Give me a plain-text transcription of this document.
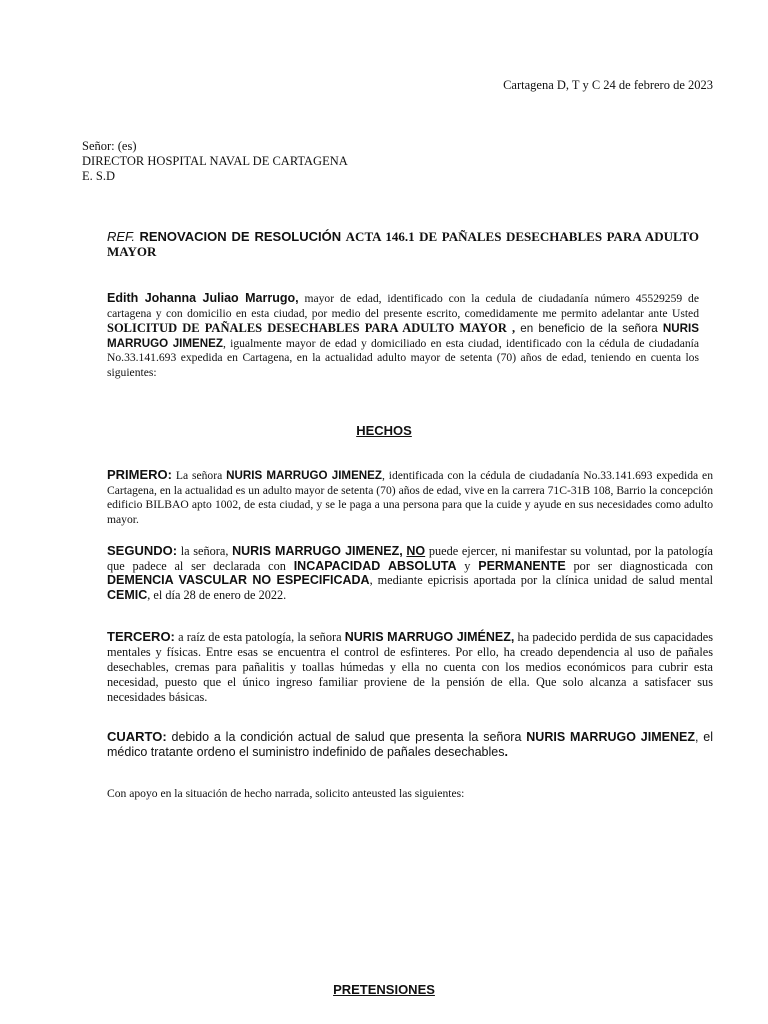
Cartagena D, T y C 24 de febrero de 2023
Señor: (es)
DIRECTOR HOSPITAL NAVAL DE CARTAGENA
E. S.D
REF. RENOVACION DE RESOLUCIÓN ACTA 146.1 DE PAÑALES DESECHABLES PARA ADULTO MAYOR
Edith Johanna Juliao Marrugo, mayor de edad, identificado con la cedula de ciudadanía número 45529259 de cartagena y con domicilio en esta ciudad, por medio del presente escrito, comedidamente me permito adelantar ante Usted SOLICITUD DE PAÑALES DESECHABLES PARA ADULTO MAYOR , en beneficio de la señora NURIS MARRUGO JIMENEZ, igualmente mayor de edad y domiciliado en esta ciudad, identificado con la cédula de ciudadanía No.33.141.693 expedida en Cartagena, en la actualidad adulto mayor de setenta (70) años de edad, teniendo en cuenta los siguientes:
HECHOS
PRIMERO: La señora NURIS MARRUGO JIMENEZ, identificada con la cédula de ciudadanía No.33.141.693 expedida en Cartagena, en la actualidad es un adulto mayor de setenta (70) años de edad, vive en la carrera 71C-31B 108, Barrio la concepción edificio BILBAO apto 1002, de esta ciudad, y se le paga a una persona para que la cuide y ayude en sus necesidades como adulto mayor.
SEGUNDO: la señora, NURIS MARRUGO JIMENEZ, NO puede ejercer, ni manifestar su voluntad, por la patología que padece al ser declarada con INCAPACIDAD ABSOLUTA y PERMANENTE por ser diagnosticada con DEMENCIA VASCULAR NO ESPECIFICADA, mediante epicrisis aportada por la clínica unidad de salud mental CEMIC, el día 28 de enero de 2022.
TERCERO: a raíz de esta patología, la señora NURIS MARRUGO JIMÉNEZ, ha padecido perdida de sus capacidades mentales y físicas. Entre esas se encuentra el control de esfinteres. Por ello, ha creado dependencia al uso de pañales desechables, cremas para pañalitis y toallas húmedas y ella no cuenta con los medios económicos para cubrir esta necesidad, puesto que el único ingreso familiar proviene de la pensión de ella. Que solo alcanza a satisfacer sus necesidades básicas.
CUARTO: debido a la condición actual de salud que presenta la señora NURIS MARRUGO JIMENEZ, el médico tratante ordeno el suministro indefinido de pañales desechables.
Con apoyo en la situación de hecho narrada, solicito anteusted las siguientes:
PRETENSIONES
